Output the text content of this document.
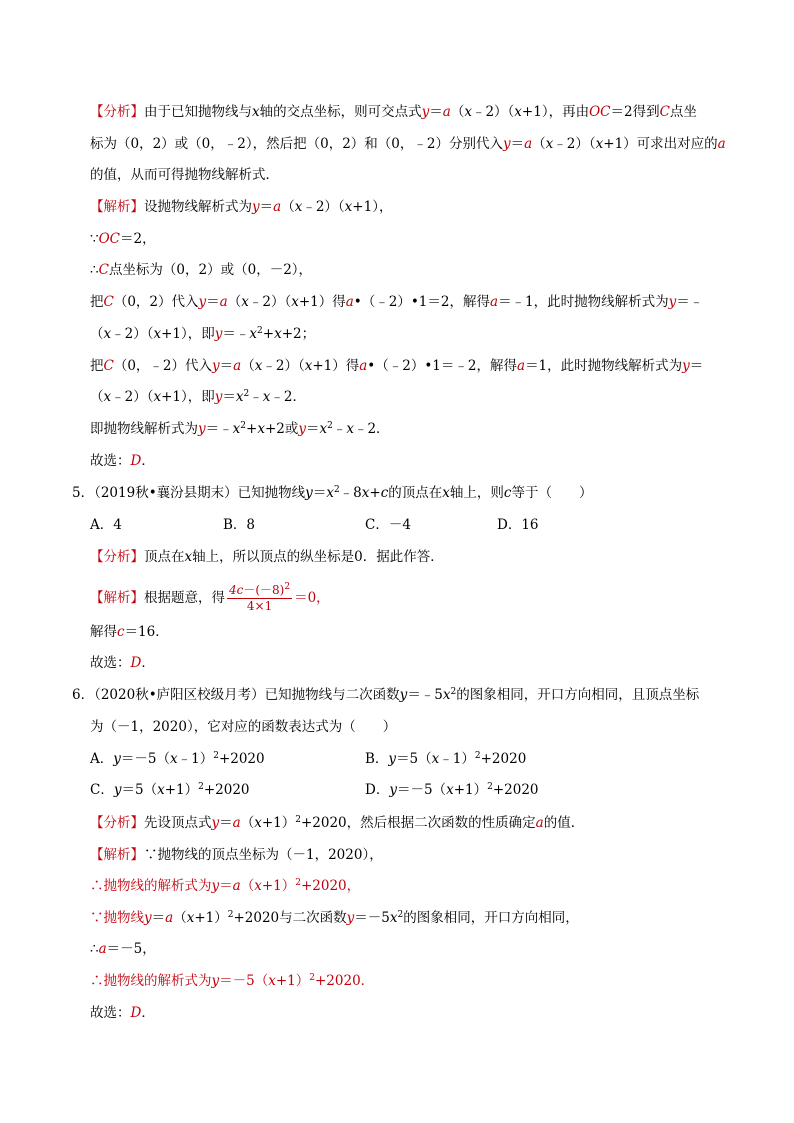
【分析】由于已知抛物线与x轴的交点坐标，则可交点式y＝a（x﹣2）（x+1），再由OC＝2得到C点坐
标为（0，2）或（0，﹣2），然后把（0，2）和（0，﹣2）分别代入y＝a（x﹣2）（x+1）可求出对应的a
的值，从而可得抛物线解析式．
【解析】设抛物线解析式为y＝a（x﹣2）（x+1），
∵OC＝2，
∴C点坐标为（0，2）或（0，－2），
把C（0，2）代入y＝a（x﹣2）（x+1）得a•（﹣2）•1＝2，解得a＝﹣1，此时抛物线解析式为y＝﹣
（x﹣2）（x+1），即$y=﹣x^2+x+2$；
把C（0，﹣2）代入y＝a（x﹣2）（x+1）得a•（﹣2）•1＝﹣2，解得a＝1，此时抛物线解析式为y＝
（x﹣2）（x+1），即$y=x^2﹣x﹣2$．
即抛物线解析式为$y=﹣x^2+x+2$或$y=x^2﹣x﹣2$．
故选：D．
5．（2019秋•襄汾县期末）已知抛物线$y=x^2﹣8x+c$的顶点在x轴上，则c等于（　　）
A．4	B．8	C．－4	D．16
【分析】顶点在x轴上，所以顶点的纵坐标是0．据此作答．
【解析】根据题意，得 $\frac{4c-(-8)^2}{4\times 1} =0$，
解得c＝16．
故选：D．
6．（2020秋•庐阳区校级月考）已知抛物线与二次函数$y=﹣5x^2$的图象相同，开口方向相同，且顶点坐标
为（－1，2020），它对应的函数表达式为（　　）
A．y＝－5（x﹣1）$^2$+2020	B．y＝5（x﹣1）$^2$+2020
C．$y=5(x+1)^2+2020$	D．$y=-5(x+1)^2+2020$
【分析】先设顶点式$y=a(x+1)^2+2020$，然后根据二次函数的性质确定a的值．
【解析】∵抛物线的顶点坐标为（－1，2020），
∴抛物线的解析式为$y=a(x+1)^2+2020$，
∵抛物线$y=a(x+1)^2+2020$与二次函数$y=-5x^2$的图象相同，开口方向相同，
∴a＝－5，
∴抛物线的解析式为$y=-5(x+1)^2+2020$．
故选：D．
